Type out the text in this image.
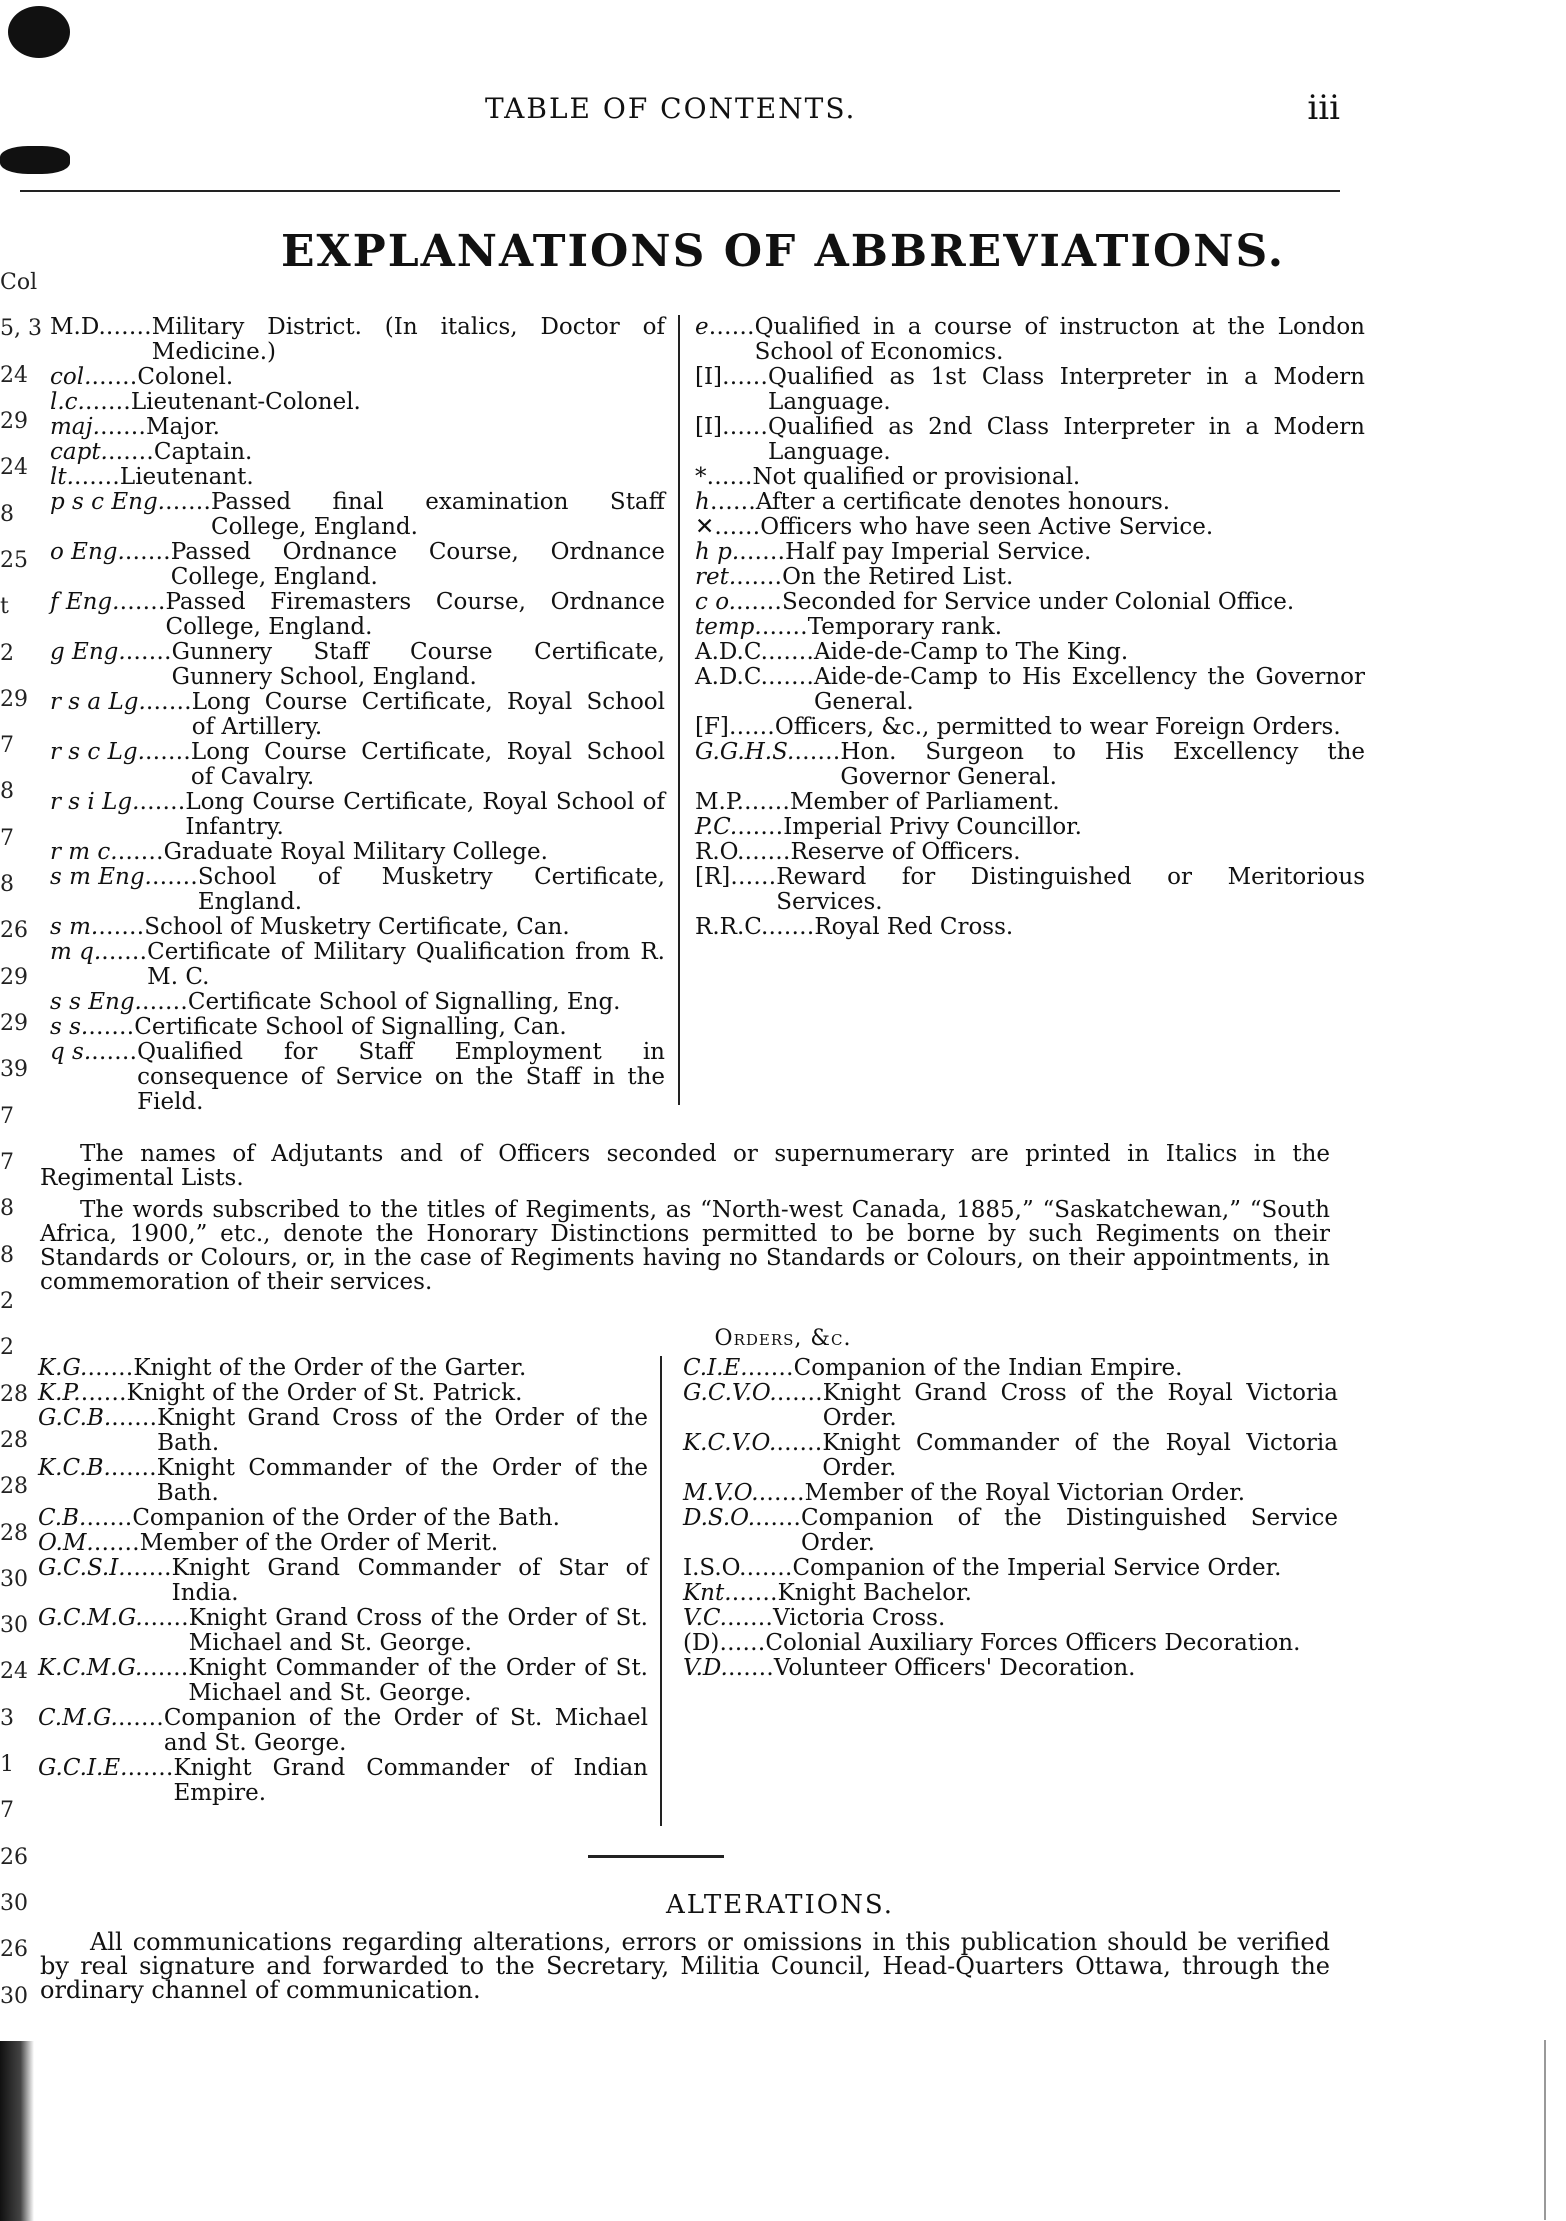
TABLE OF CONTENTS.	iii
EXPLANATIONS OF ABBREVIATIONS.
M.D. …… Military District. (In italics, Doctor of Medicine.)
col. …… Colonel.
l.c. …… Lieutenant-Colonel.
maj. …… Major.
capt. …… Captain.
lt. …… Lieutenant.
p s c Eng. …… Passed final examination Staff College, England.
o Eng. …… Passed Ordnance Course, Ordnance College, England.
f Eng. …… Passed Firemasters Course, Ordnance College, England.
g Eng. …… Gunnery Staff Course Certificate, Gunnery School, England.
r s a Lg. …… Long Course Certificate, Royal School of Artillery.
r s c Lg. …… Long Course Certificate, Royal School of Cavalry.
r s i Lg. …… Long Course Certificate, Royal School of Infantry.
r m c. …… Graduate Royal Military College.
s m Eng. …… School of Musketry Certificate, England.
s m. …… School of Musketry Certificate, Can.
m q. …… Certificate of Military Qualification from R. M. C.
s s Eng. …… Certificate School of Signalling, Eng.
s s. …… Certificate School of Signalling, Can.
q s. …… Qualified for Staff Employment in consequence of Service on the Staff in the Field.
e …… Qualified in a course of instructon at the London School of Economics.
[I] …… Qualified as 1st Class Interpreter in a Modern Language.
[I] …… Qualified as 2nd Class Interpreter in a Modern Language.
* …… Not qualified or provisional.
h …… After a certificate denotes honours.
✕ …… Officers who have seen Active Service.
h p. …… Half pay Imperial Service.
ret. …… On the Retired List.
c o. …… Seconded for Service under Colonial Office.
temp. …… Temporary rank.
A.D.C. …… Aide-de-Camp to The King.
A.D.C. …… Aide-de-Camp to His Excellency the Governor General.
[F] …… Officers, &c., permitted to wear Foreign Orders.
G.G.H.S. …… Hon. Surgeon to His Excellency the Governor General.
M.P. …… Member of Parliament.
P.C. …… Imperial Privy Councillor.
R.O. …… Reserve of Officers.
[R] …… Reward for Distinguished or Meritorious Services.
R.R.C. …… Royal Red Cross.

The names of Adjutants and of Officers seconded or supernumerary are printed in Italics in the Regimental Lists.

The words subscribed to the titles of Regiments, as “North-west Canada, 1885,” “Saskatchewan,” “South Africa, 1900,” etc., denote the Honorary Distinctions permitted to be borne by such Regiments on their Standards or Colours, or, in the case of Regiments having no Standards or Colours, on their appointments, in commemoration of their services.

Orders, &c.
K.G. …… Knight of the Order of the Garter.
K.P. …… Knight of the Order of St. Patrick.
G.C.B. …… Knight Grand Cross of the Order of the Bath.
K.C.B. …… Knight Commander of the Order of the Bath.
C.B. …… Companion of the Order of the Bath.
O.M. …… Member of the Order of Merit.
G.C.S.I. …… Knight Grand Commander of Star of India.
G.C.M.G. …… Knight Grand Cross of the Order of St. Michael and St. George.
K.C.M.G. …… Knight Commander of the Order of St. Michael and St. George.
C.M.G. …… Companion of the Order of St. Michael and St. George.
G.C.I.E. …… Knight Grand Commander of Indian Empire.
C.I.E. …… Companion of the Indian Empire.
G.C.V.O. …… Knight Grand Cross of the Royal Victoria Order.
K.C.V.O. …… Knight Commander of the Royal Victoria Order.
M.V.O. …… Member of the Royal Victorian Order.
D.S.O. …… Companion of the Distinguished Service Order.
I.S.O. …… Companion of the Imperial Service Order.
Knt. …… Knight Bachelor.
V.C. …… Victoria Cross.
(D) …… Colonial Auxiliary Forces Officers Decoration.
V.D. …… Volunteer Officers' Decoration.
ALTERATIONS.

All communications regarding alterations, errors or omissions in this publication should be verified by real signature and forwarded to the Secretary, Militia Council, Head-Quarters Ottawa, through the ordinary channel of communication.

Col
5, 3
24
29
24
8
25
t
2
29
7
8
7
8
26
29
29
39
7
7
8
8
2
2
28
28
28
28
30
30
24
3
1
7
26
30
26
30
